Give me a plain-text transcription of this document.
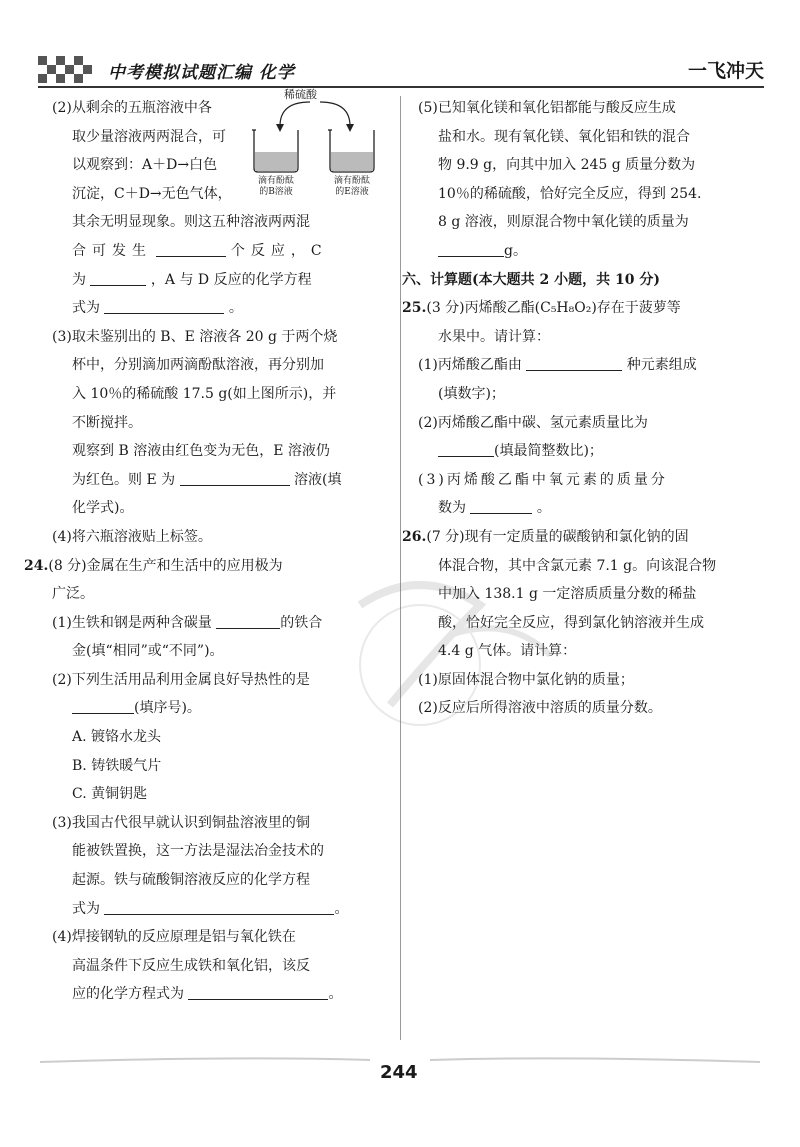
中考模拟试题汇编 化学	一飞冲天
(2)从剩余的五瓶溶液中各
取少量溶液两两混合，可
以观察到：A＋D→白色
沉淀，C＋D→无色气体，
其余无明显现象。则这五种溶液两两混
合可发生	个反应，C
为	，A 与 D 反应的化学方程
式为	。
(3)取未鉴别出的 B、E 溶液各 20 g 于两个烧
杯中，分别滴加两滴酚酞溶液，再分别加
入 10％的稀硫酸 17.5 g(如上图所示)，并
不断搅拌。
观察到 B 溶液由红色变为无色，E 溶液仍
为红色。则 E 为	溶液(填
化学式)。
(4)将六瓶溶液贴上标签。
24.(8 分)金属在生产和生活中的应用极为
广泛。
(1)生铁和钢是两种含碳量	的铁合
金(填“相同”或“不同”)。
(2)下列生活用品利用金属良好导热性的是
(填序号)。
A. 镀铬水龙头
B. 铸铁暖气片
C. 黄铜钥匙
(3)我国古代很早就认识到铜盐溶液里的铜
能被铁置换，这一方法是湿法冶金技术的
起源。铁与硫酸铜溶液反应的化学方程
式为	。
(4)焊接钢轨的反应原理是铝与氧化铁在
高温条件下反应生成铁和氧化铝，该反
应的化学方程式为	。
稀硫酸
滴有酚酞
的B溶液
滴有酚酞
的E溶液
(5)已知氧化镁和氧化铝都能与酸反应生成
盐和水。现有氧化镁、氧化铝和铁的混合
物 9.9 g，向其中加入 245 g 质量分数为
10％的稀硫酸，恰好完全反应，得到 254.
8 g 溶液，则原混合物中氧化镁的质量为
g。
六、计算题(本大题共 2 小题，共 10 分)
25.(3 分)丙烯酸乙酯(C₅H₈O₂)存在于菠萝等
水果中。请计算：
(1)丙烯酸乙酯由	种元素组成
(填数字)；
(2)丙烯酸乙酯中碳、氢元素质量比为
(填最简整数比)；
(3)丙烯酸乙酯中氧元素的质量分
数为	。
26.(7 分)现有一定质量的碳酸钠和氯化钠的固
体混合物，其中含氯元素 7.1 g。向该混合物
中加入 138.1 g 一定溶质质量分数的稀盐
酸，恰好完全反应，得到氯化钠溶液并生成
4.4 g 气体。请计算：
(1)原固体混合物中氯化钠的质量；
(2)反应后所得溶液中溶质的质量分数。
244
